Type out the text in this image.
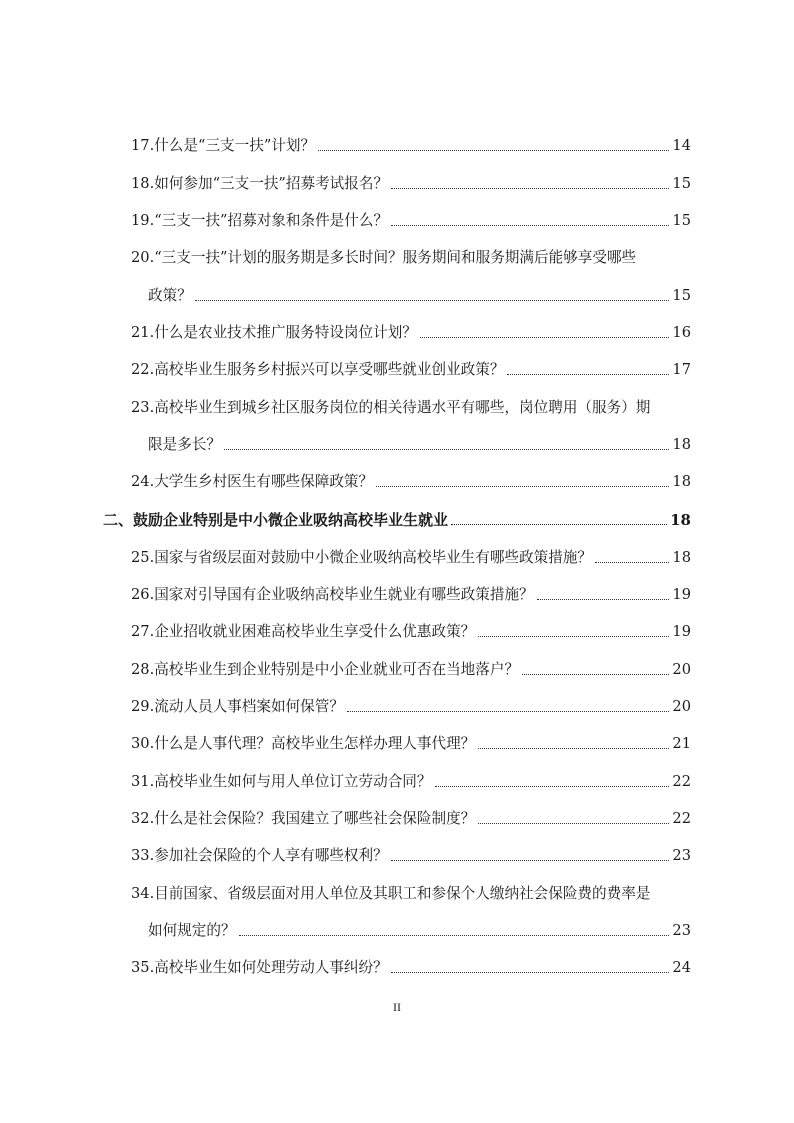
17.什么是“三支一扶”计划？	14
18.如何参加“三支一扶”招募考试报名？	15
19.“三支一扶”招募对象和条件是什么？	15
20.“三支一扶”计划的服务期是多长时间？服务期间和服务期满后能够享受哪些
政策？	15
21.什么是农业技术推广服务特设岗位计划？	16
22.高校毕业生服务乡村振兴可以享受哪些就业创业政策？	17
23.高校毕业生到城乡社区服务岗位的相关待遇水平有哪些，岗位聘用（服务）期
限是多长？	18
24.大学生乡村医生有哪些保障政策？	18
二、鼓励企业特别是中小微企业吸纳高校毕业生就业	18
25.国家与省级层面对鼓励中小微企业吸纳高校毕业生有哪些政策措施？	18
26.国家对引导国有企业吸纳高校毕业生就业有哪些政策措施？	19
27.企业招收就业困难高校毕业生享受什么优惠政策？	19
28.高校毕业生到企业特别是中小企业就业可否在当地落户？	20
29.流动人员人事档案如何保管？	20
30.什么是人事代理？高校毕业生怎样办理人事代理？	21
31.高校毕业生如何与用人单位订立劳动合同？	22
32.什么是社会保险？我国建立了哪些社会保险制度？	22
33.参加社会保险的个人享有哪些权利？	23
34.目前国家、省级层面对用人单位及其职工和参保个人缴纳社会保险费的费率是
如何规定的？	23
35.高校毕业生如何处理劳动人事纠纷？	24
II
